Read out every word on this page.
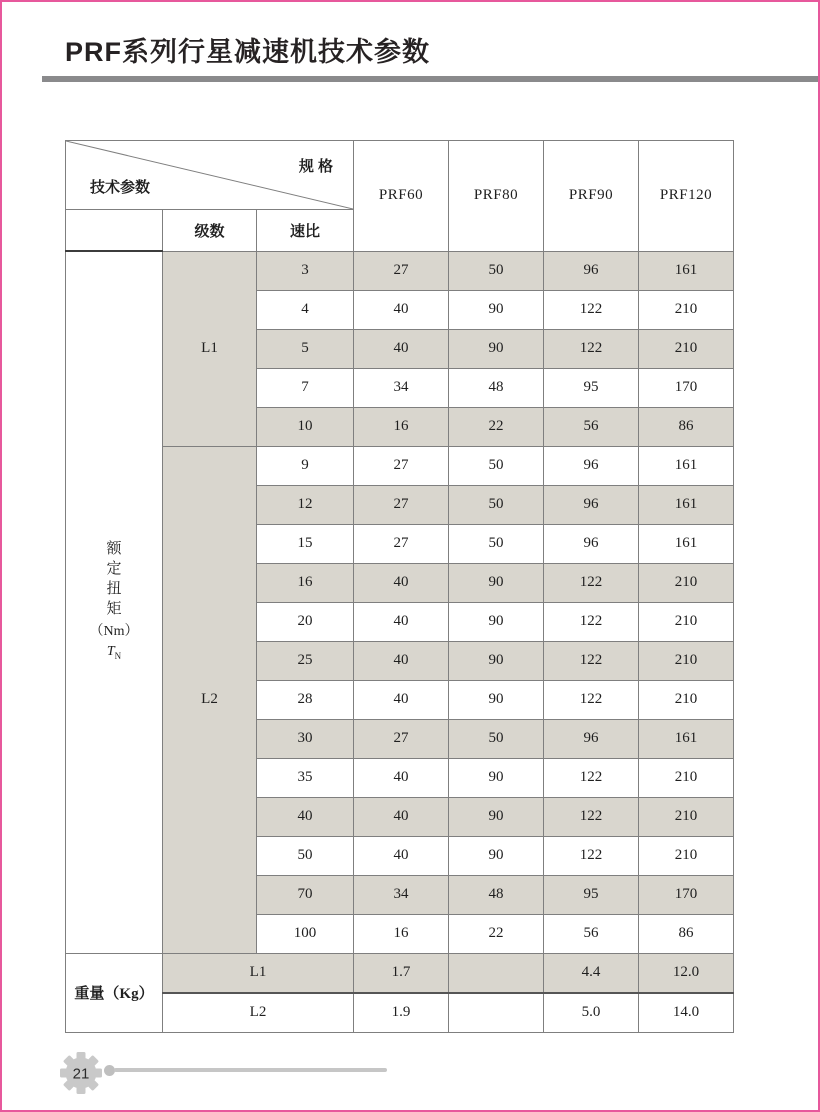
PRF系列行星减速机技术参数
规 格
技术参数			PRF60	PRF80	PRF90	PRF120
	级数	速比				

额
定
扭
矩
（Nm）
$T_N$
	L1	3	27	50	96	161
		4	40	90	122	210
		5	40	90	122	210
		7	34	48	95	170
		10	16	22	56	86
	L2	9	27	50	96	161
		12	27	50	96	161
		15	27	50	96	161
		16	40	90	122	210
		20	40	90	122	210
		25	40	90	122	210
		28	40	90	122	210
		30	27	50	96	161
		35	40	90	122	210
		40	40	90	122	210
		50	40	90	122	210
		70	34	48	95	170
		100	16	22	56	86
重量（Kg）	L1		1.7		4.4	12.0
	L2		1.9		5.0	14.0
21
